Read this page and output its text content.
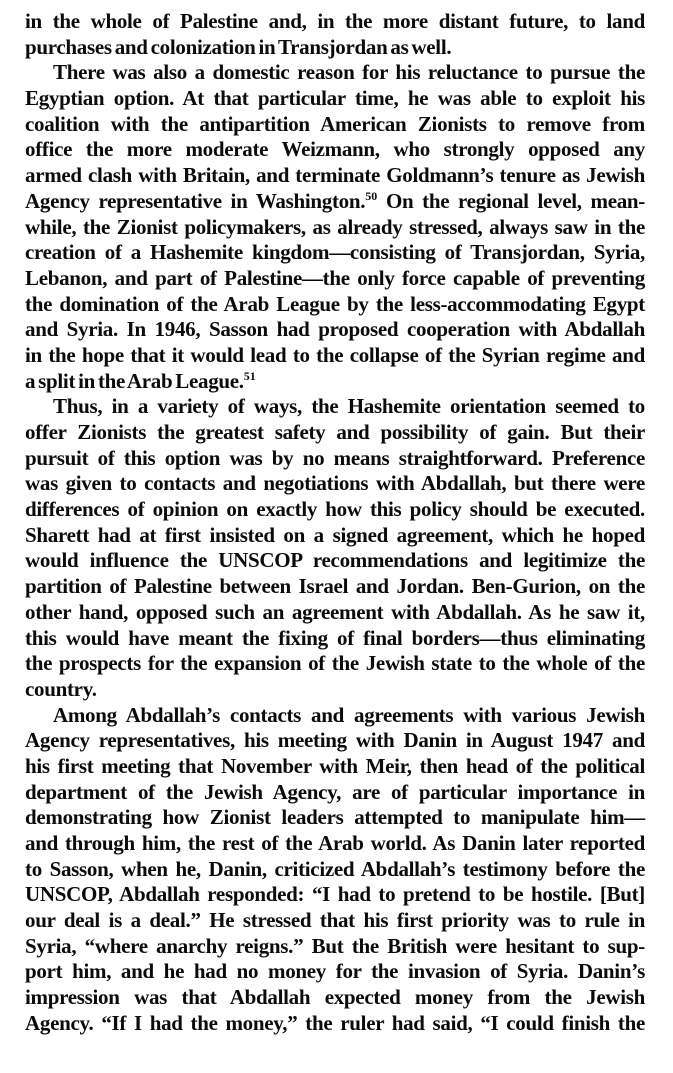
in the whole of Palestine and, in the more distant future, to land
purchases and colonization in Transjordan as well.
There was also a domestic reason for his reluctance to pursue the
Egyptian option. At that particular time, he was able to exploit his
coalition with the antipartition American Zionists to remove from
office the more moderate Weizmann, who strongly opposed any
armed clash with Britain, and terminate Goldmann’s tenure as Jewish
Agency representative in Washington.$^{50}$ On the regional level, mean-
while, the Zionist policymakers, as already stressed, always saw in the
creation of a Hashemite kingdom—consisting of Transjordan, Syria,
Lebanon, and part of Palestine—the only force capable of preventing
the domination of the Arab League by the less-accommodating Egypt
and Syria. In 1946, Sasson had proposed cooperation with Abdallah
in the hope that it would lead to the collapse of the Syrian regime and
a split in the Arab League.$^{51}$
Thus, in a variety of ways, the Hashemite orientation seemed to
offer Zionists the greatest safety and possibility of gain. But their
pursuit of this option was by no means straightforward. Preference
was given to contacts and negotiations with Abdallah, but there were
differences of opinion on exactly how this policy should be executed.
Sharett had at first insisted on a signed agreement, which he hoped
would influence the UNSCOP recommendations and legitimize the
partition of Palestine between Israel and Jordan. Ben-Gurion, on the
other hand, opposed such an agreement with Abdallah. As he saw it,
this would have meant the fixing of final borders—thus eliminating
the prospects for the expansion of the Jewish state to the whole of the
country.
Among Abdallah’s contacts and agreements with various Jewish
Agency representatives, his meeting with Danin in August 1947 and
his first meeting that November with Meir, then head of the political
department of the Jewish Agency, are of particular importance in
demonstrating how Zionist leaders attempted to manipulate him—
and through him, the rest of the Arab world. As Danin later reported
to Sasson, when he, Danin, criticized Abdallah’s testimony before the
UNSCOP, Abdallah responded: “I had to pretend to be hostile. [But]
our deal is a deal.” He stressed that his first priority was to rule in
Syria, “where anarchy reigns.” But the British were hesitant to sup-
port him, and he had no money for the invasion of Syria. Danin’s
impression was that Abdallah expected money from the Jewish
Agency. “If I had the money,” the ruler had said, “I could finish the
